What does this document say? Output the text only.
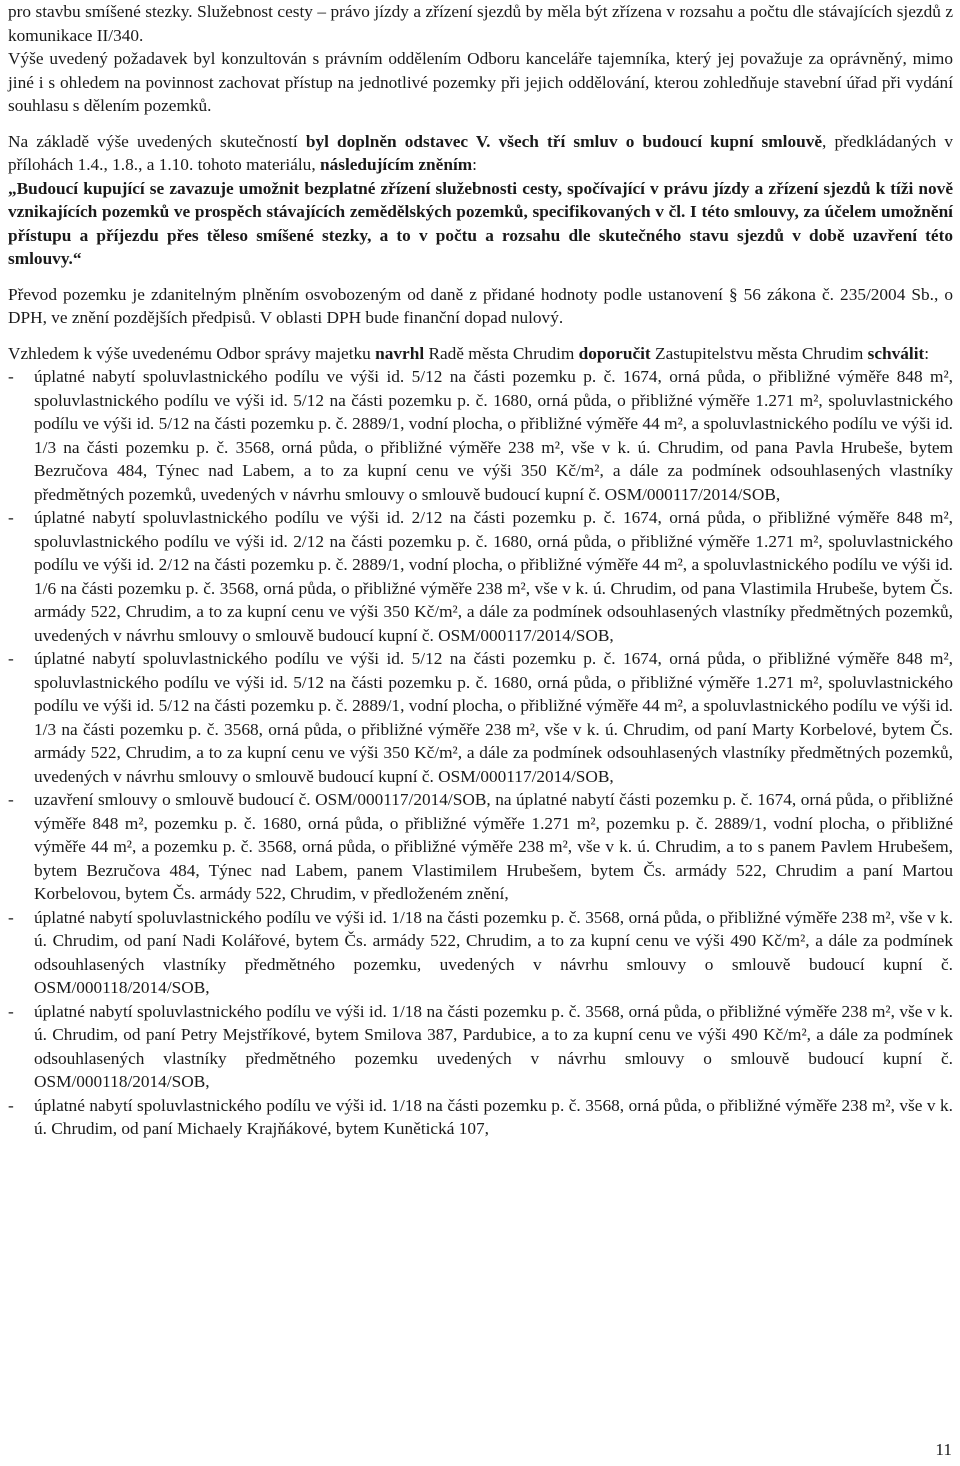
pro stavbu smíšené stezky. Služebnost cesty – právo jízdy a zřízení sjezdů by měla být zřízena v rozsahu a počtu dle stávajících sjezdů z komunikace II/340.

Výše uvedený požadavek byl konzultován s právním oddělením Odboru kanceláře tajemníka, který jej považuje za oprávněný, mimo jiné i s ohledem na povinnost zachovat přístup na jednotlivé pozemky při jejich oddělování, kterou zohledňuje stavební úřad při vydání souhlasu s dělením pozemků.

Na základě výše uvedených skutečností byl doplněn odstavec V. všech tří smluv o budoucí kupní smlouvě, předkládaných v přílohách 1.4., 1.8., a 1.10. tohoto materiálu, následujícím zněním:

„Budoucí kupující se zavazuje umožnit bezplatné zřízení služebnosti cesty, spočívající v právu jízdy a zřízení sjezdů k tíži nově vznikajících pozemků ve prospěch stávajících zemědělských pozemků, specifikovaných v čl. I této smlouvy, za účelem umožnění přístupu a příjezdu přes těleso smíšené stezky, a to v počtu a rozsahu dle skutečného stavu sjezdů v době uzavření této smlouvy.“

Převod pozemku je zdanitelným plněním osvobozeným od daně z přidané hodnoty podle ustanovení § 56 zákona č. 235/2004 Sb., o DPH, ve znění pozdějších předpisů. V oblasti DPH bude finanční dopad nulový.

Vzhledem k výše uvedenému Odbor správy majetku navrhl Radě města Chrudim doporučit Zastupitelstvu města Chrudim schválit:

- úplatné nabytí spoluvlastnického podílu ve výši id. 5/12 na části pozemku p. č. 1674, orná půda, o přibližné výměře 848 m², spoluvlastnického podílu ve výši id. 5/12 na části pozemku p. č. 1680, orná půda, o přibližné výměře 1.271 m², spoluvlastnického podílu ve výši id. 5/12 na části pozemku p. č. 2889/1, vodní plocha, o přibližné výměře 44 m², a spoluvlastnického podílu ve výši id. 1/3 na části pozemku p. č. 3568, orná půda, o přibližné výměře 238 m², vše v k. ú. Chrudim, od pana Pavla Hrubeše, bytem Bezručova 484, Týnec nad Labem, a to za kupní cenu ve výši 350 Kč/m², a dále za podmínek odsouhlasených vlastníky předmětných pozemků, uvedených v návrhu smlouvy o smlouvě budoucí kupní č. OSM/000117/2014/SOB,
- úplatné nabytí spoluvlastnického podílu ve výši id. 2/12 na části pozemku p. č. 1674, orná půda, o přibližné výměře 848 m², spoluvlastnického podílu ve výši id. 2/12 na části pozemku p. č. 1680, orná půda, o přibližné výměře 1.271 m², spoluvlastnického podílu ve výši id. 2/12 na části pozemku p. č. 2889/1, vodní plocha, o přibližné výměře 44 m², a spoluvlastnického podílu ve výši id. 1/6 na části pozemku p. č. 3568, orná půda, o přibližné výměře 238 m², vše v k. ú. Chrudim, od pana Vlastimila Hrubeše, bytem Čs. armády 522, Chrudim, a to za kupní cenu ve výši 350 Kč/m², a dále za podmínek odsouhlasených vlastníky předmětných pozemků, uvedených v návrhu smlouvy o smlouvě budoucí kupní č. OSM/000117/2014/SOB,
- úplatné nabytí spoluvlastnického podílu ve výši id. 5/12 na části pozemku p. č. 1674, orná půda, o přibližné výměře 848 m², spoluvlastnického podílu ve výši id. 5/12 na části pozemku p. č. 1680, orná půda, o přibližné výměře 1.271 m², spoluvlastnického podílu ve výši id. 5/12 na části pozemku p. č. 2889/1, vodní plocha, o přibližné výměře 44 m², a spoluvlastnického podílu ve výši id. 1/3 na části pozemku p. č. 3568, orná půda, o přibližné výměře 238 m², vše v k. ú. Chrudim, od paní Marty Korbelové, bytem Čs. armády 522, Chrudim, a to za kupní cenu ve výši 350 Kč/m², a dále za podmínek odsouhlasených vlastníky předmětných pozemků, uvedených v návrhu smlouvy o smlouvě budoucí kupní č. OSM/000117/2014/SOB,
- uzavření smlouvy o smlouvě budoucí č. OSM/000117/2014/SOB, na úplatné nabytí části pozemku p. č. 1674, orná půda, o přibližné výměře 848 m², pozemku p. č. 1680, orná půda, o přibližné výměře 1.271 m², pozemku p. č. 2889/1, vodní plocha, o přibližné výměře 44 m², a pozemku p. č. 3568, orná půda, o přibližné výměře 238 m², vše v k. ú. Chrudim, a to s panem Pavlem Hrubešem, bytem Bezručova 484, Týnec nad Labem, panem Vlastimilem Hrubešem, bytem Čs. armády 522, Chrudim a paní Martou Korbelovou, bytem Čs. armády 522, Chrudim, v předloženém znění,
- úplatné nabytí spoluvlastnického podílu ve výši id. 1/18 na části pozemku p. č. 3568, orná půda, o přibližné výměře 238 m², vše v k. ú. Chrudim, od paní Nadi Kolářové, bytem Čs. armády 522, Chrudim, a to za kupní cenu ve výši 490 Kč/m², a dále za podmínek odsouhlasených vlastníky předmětného pozemku, uvedených v návrhu smlouvy o smlouvě budoucí kupní č. OSM/000118/2014/SOB,
- úplatné nabytí spoluvlastnického podílu ve výši id. 1/18 na části pozemku p. č. 3568, orná půda, o přibližné výměře 238 m², vše v k. ú. Chrudim, od paní Petry Mejstříkové, bytem Smilova 387, Pardubice, a to za kupní cenu ve výši 490 Kč/m², a dále za podmínek odsouhlasených vlastníky předmětného pozemku uvedených v návrhu smlouvy o smlouvě budoucí kupní č. OSM/000118/2014/SOB,
- úplatné nabytí spoluvlastnického podílu ve výši id. 1/18 na části pozemku p. č. 3568, orná půda, o přibližné výměře 238 m², vše v k. ú. Chrudim, od paní Michaely Krajňákové, bytem Kunětická 107,
11
